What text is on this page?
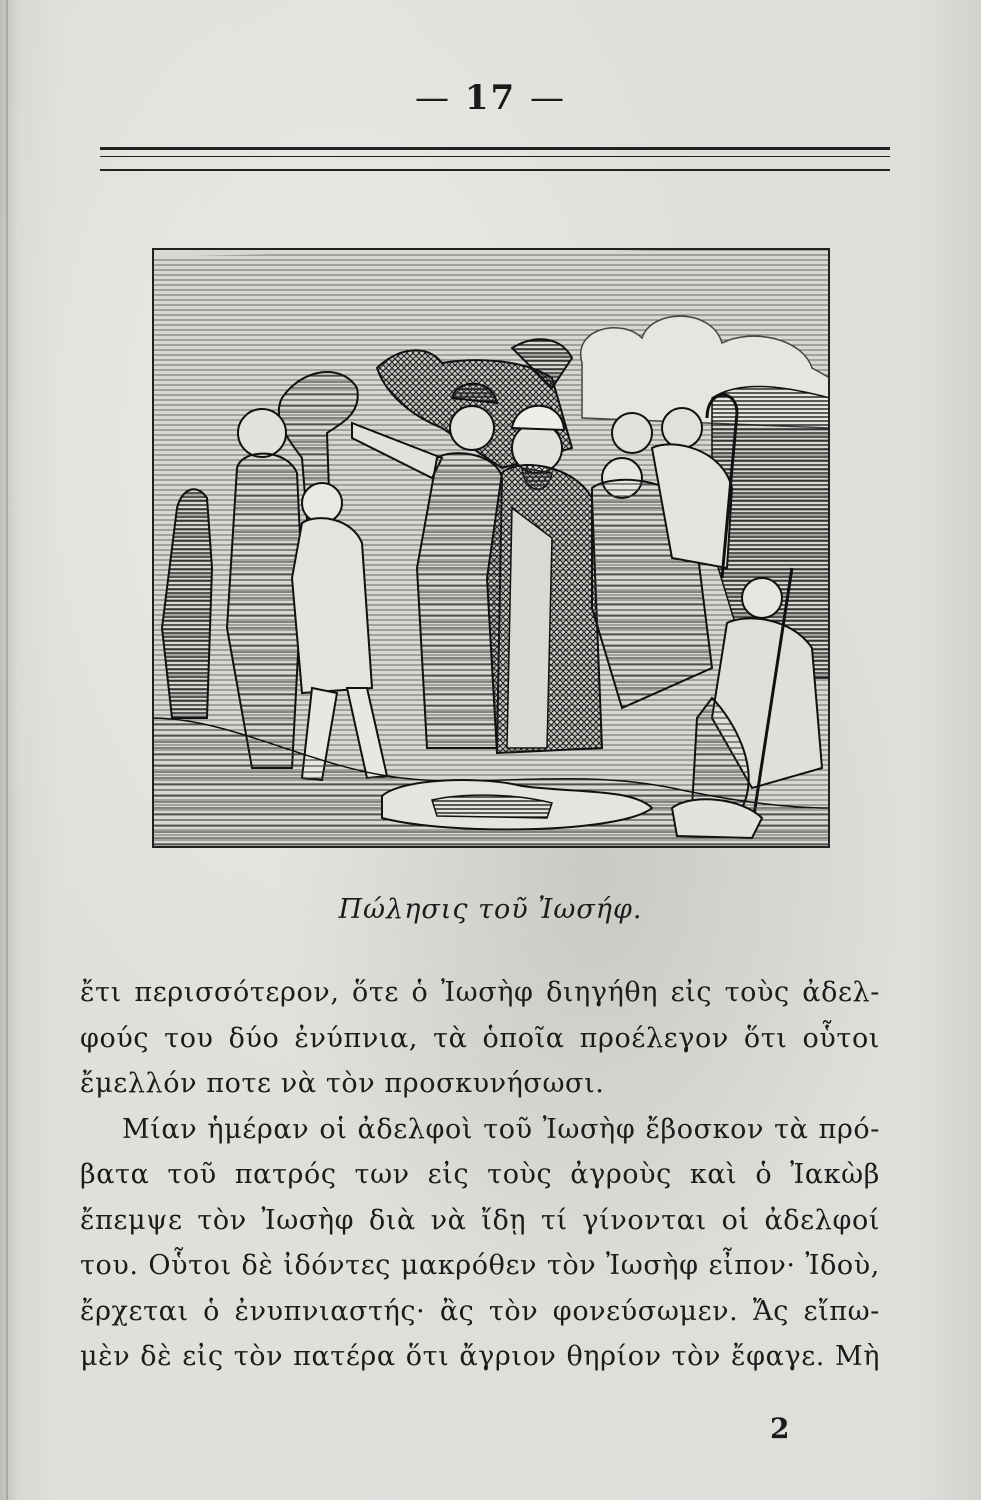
— 17 —
Πώλησις τοῦ Ἰωσήφ.
ἔτι περισσότερον, ὅτε ὁ Ἰωσὴφ διηγήθη εἰς τοὺς ἀδελ-
φούς του δύο ἐνύπνια, τὰ ὁποῖα προέλεγον ὅτι οὗτοι
ἔμελλόν ποτε νὰ τὸν προσκυνήσωσι.
Μίαν ἡμέραν οἱ ἀδελφοὶ τοῦ Ἰωσὴφ ἔβοσκον τὰ πρό-
βατα τοῦ πατρός των εἰς τοὺς ἀγροὺς καὶ ὁ Ἰακὼβ
ἔπεμψε τὸν Ἰωσὴφ διὰ νὰ ἴδῃ τί γίνονται οἱ ἀδελφοί
του. Οὗτοι δὲ ἰδόντες μακρόθεν τὸν Ἰωσὴφ εἶπον· Ἰδοὺ,
ἔρχεται ὁ ἐνυπνιαστής· ἂς τὸν φονεύσωμεν. Ἄς εἴπω-
μὲν δὲ εἰς τὸν πατέρα ὅτι ἄγριον θηρίον τὸν ἔφαγε. Μὴ
2
